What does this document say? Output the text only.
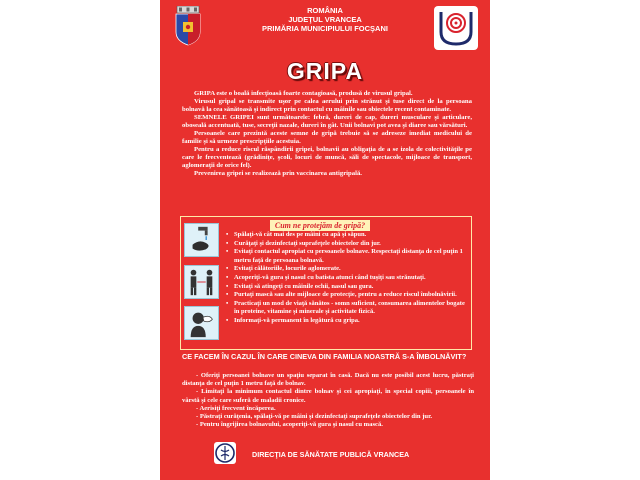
ROMÂNIA
JUDEŢUL VRANCEA
PRIMĂRIA MUNICIPIULUI FOCŞANI
GRIPA

GRIPA este o boală infecţioasă foarte contagioasă, produsă de virusul gripal.

Virusul gripal se transmite uşor pe calea aerului prin strănut şi tuse direct de la persoana bolnavă la cea sănătoasă şi indirect prin contactul cu mâinile sau obiectele recent contaminate.

SEMNELE GRIPEI sunt următoarele: febră, dureri de cap, dureri musculare şi articulare, oboseală accentuată, tuse, secreţii nazale, dureri în gât. Unii bolnavi pot avea şi diaree sau vărsături.

Persoanele care prezintă aceste semne de gripă trebuie să se adreseze imediat medicului de familie şi să urmeze prescripţiile acestuia.

Pentru a reduce riscul răspândirii gripei, bolnavii au obligaţia de a se izola de colectivităţile pe care le frecventează (grădiniţe, şcoli, locuri de muncă, săli de spectacole, mijloace de transport, aglomeraţii de orice fel).

Prevenirea gripei se realizează prin vaccinarea antigripală.

Cum ne protejăm de gripă?
• Spălaţi-vă cât mai des pe mâini cu apă şi săpun.
• Curăţaţi şi dezinfectaţi suprafeţele obiectelor din jur.
• Evitaţi contactul apropiat cu persoanele bolnave. Respectaţi distanţa de cel puţin 1 metru faţă de persoana bolnavă.
• Evitaţi călătoriile, locurile aglomerate.
• Acoperiţi-vă gura şi nasul cu batista atunci când tuşiţi sau strănutaţi.
• Evitaţi să atingeţi cu mâinile ochii, nasul sau gura.
• Purtaţi mască sau alte mijloace de protecţie, pentru a reduce riscul îmbolnăvirii.
• Practicaţi un mod de viaţă sănătos - somn suficient, consumarea alimentelor bogate în proteine, vitamine şi minerale şi activitate fizică.
• Informaţi-vă permanent în legătură cu gripa.
CE FACEM ÎN CAZUL ÎN CARE CINEVA DIN FAMILIA NOASTRĂ S-A ÎMBOLNĂVIT?

- Oferiţi persoanei bolnave un spaţiu separat în casă. Dacă nu este posibil acest lucru, păstraţi distanţa de cel puţin 1 metru faţă de bolnav.

- Limitaţi la minimum contactul dintre bolnav şi cei apropiaţi, în special copiii, persoanele în vârstă şi cele care suferă de maladii cronice.

- Aerisiţi frecvent încăperea.

- Păstraţi curăţenia, spălaţi-vă pe mâini şi dezinfectaţi suprafeţele obiectelor din jur.

- Pentru îngrijirea bolnavului, acoperiţi-vă gura şi nasul cu mască.

DIRECŢIA DE SĂNĂTATE PUBLICĂ VRANCEA
